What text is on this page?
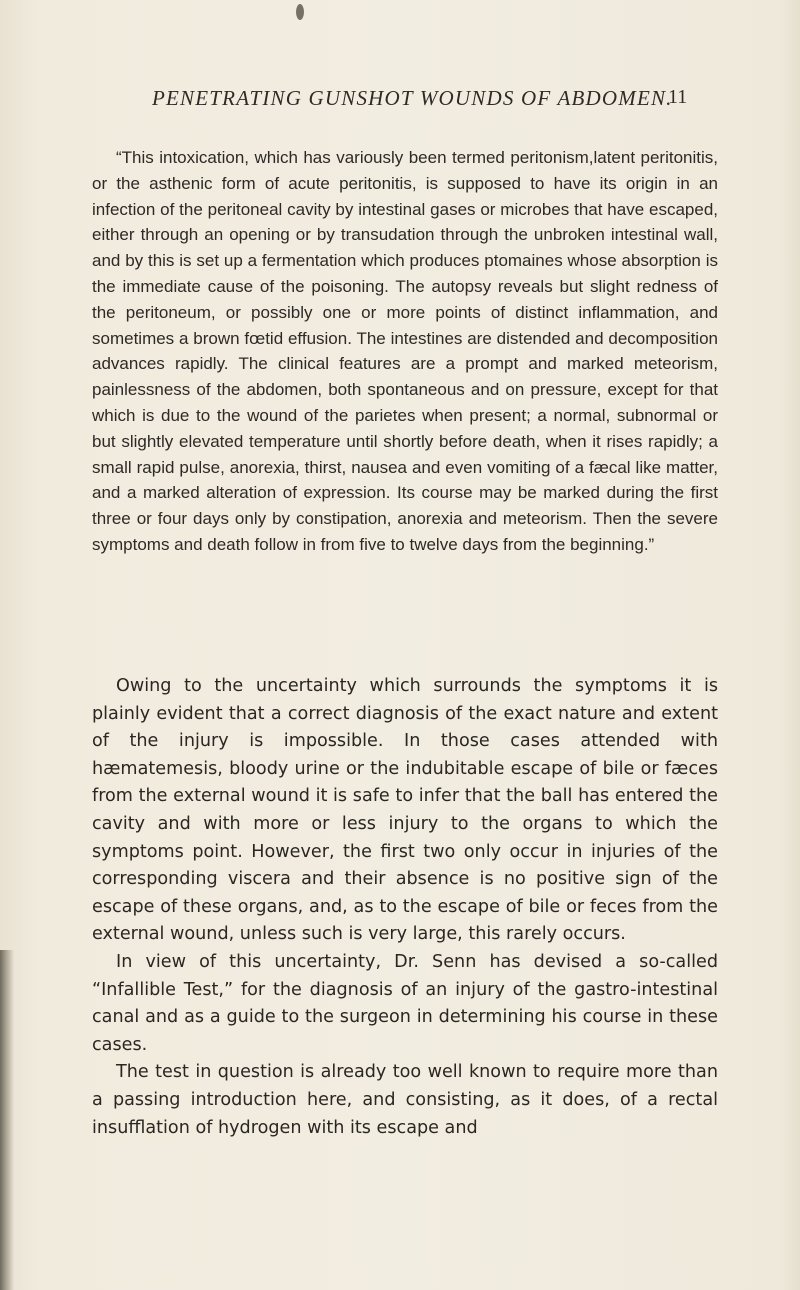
PENETRATING GUNSHOT WOUNDS OF ABDOMEN.
11

“This intoxication, which has variously been termed peritonism,latent peritonitis, or the asthenic form of acute peritonitis, is supposed to have its origin in an infection of the peritoneal cavity by intestinal gases or microbes that have escaped, either through an opening or by transudation through the unbroken intestinal wall, and by this is set up a fermentation which produces ptomaines whose absorption is the immediate cause of the poisoning. The autopsy reveals but slight redness of the peritoneum, or possibly one or more points of distinct inflammation, and sometimes a brown fœtid effusion. The intestines are distended and decomposition advances rapidly. The clinical features are a prompt and marked meteorism, painlessness of the abdomen, both spontaneous and on pressure, except for that which is due to the wound of the parietes when present; a normal, subnormal or but slightly elevated temperature until shortly before death, when it rises rapidly; a small rapid pulse, anorexia, thirst, nausea and even vomiting of a fæcal like matter, and a marked alteration of expression. Its course may be marked during the first three or four days only by constipation, anorexia and meteorism. Then the severe symptoms and death follow in from five to twelve days from the beginning.”

Owing to the uncertainty which surrounds the symptoms it is plainly evident that a correct diagnosis of the exact nature and extent of the injury is impossible. In those cases attended with hæmatemesis, bloody urine or the indubitable escape of bile or fæces from the external wound it is safe to infer that the ball has entered the cavity and with more or less injury to the organs to which the symptoms point. However, the first two only occur in injuries of the corresponding viscera and their absence is no positive sign of the escape of these organs, and, as to the escape of bile or feces from the external wound, unless such is very large, this rarely occurs.

In view of this uncertainty, Dr. Senn has devised a so-called “Infallible Test,” for the diagnosis of an injury of the gastro-intestinal canal and as a guide to the surgeon in determining his course in these cases.

The test in question is already too well known to require more than a passing introduction here, and consisting, as it does, of a rectal insufflation of hydrogen with its escape and
